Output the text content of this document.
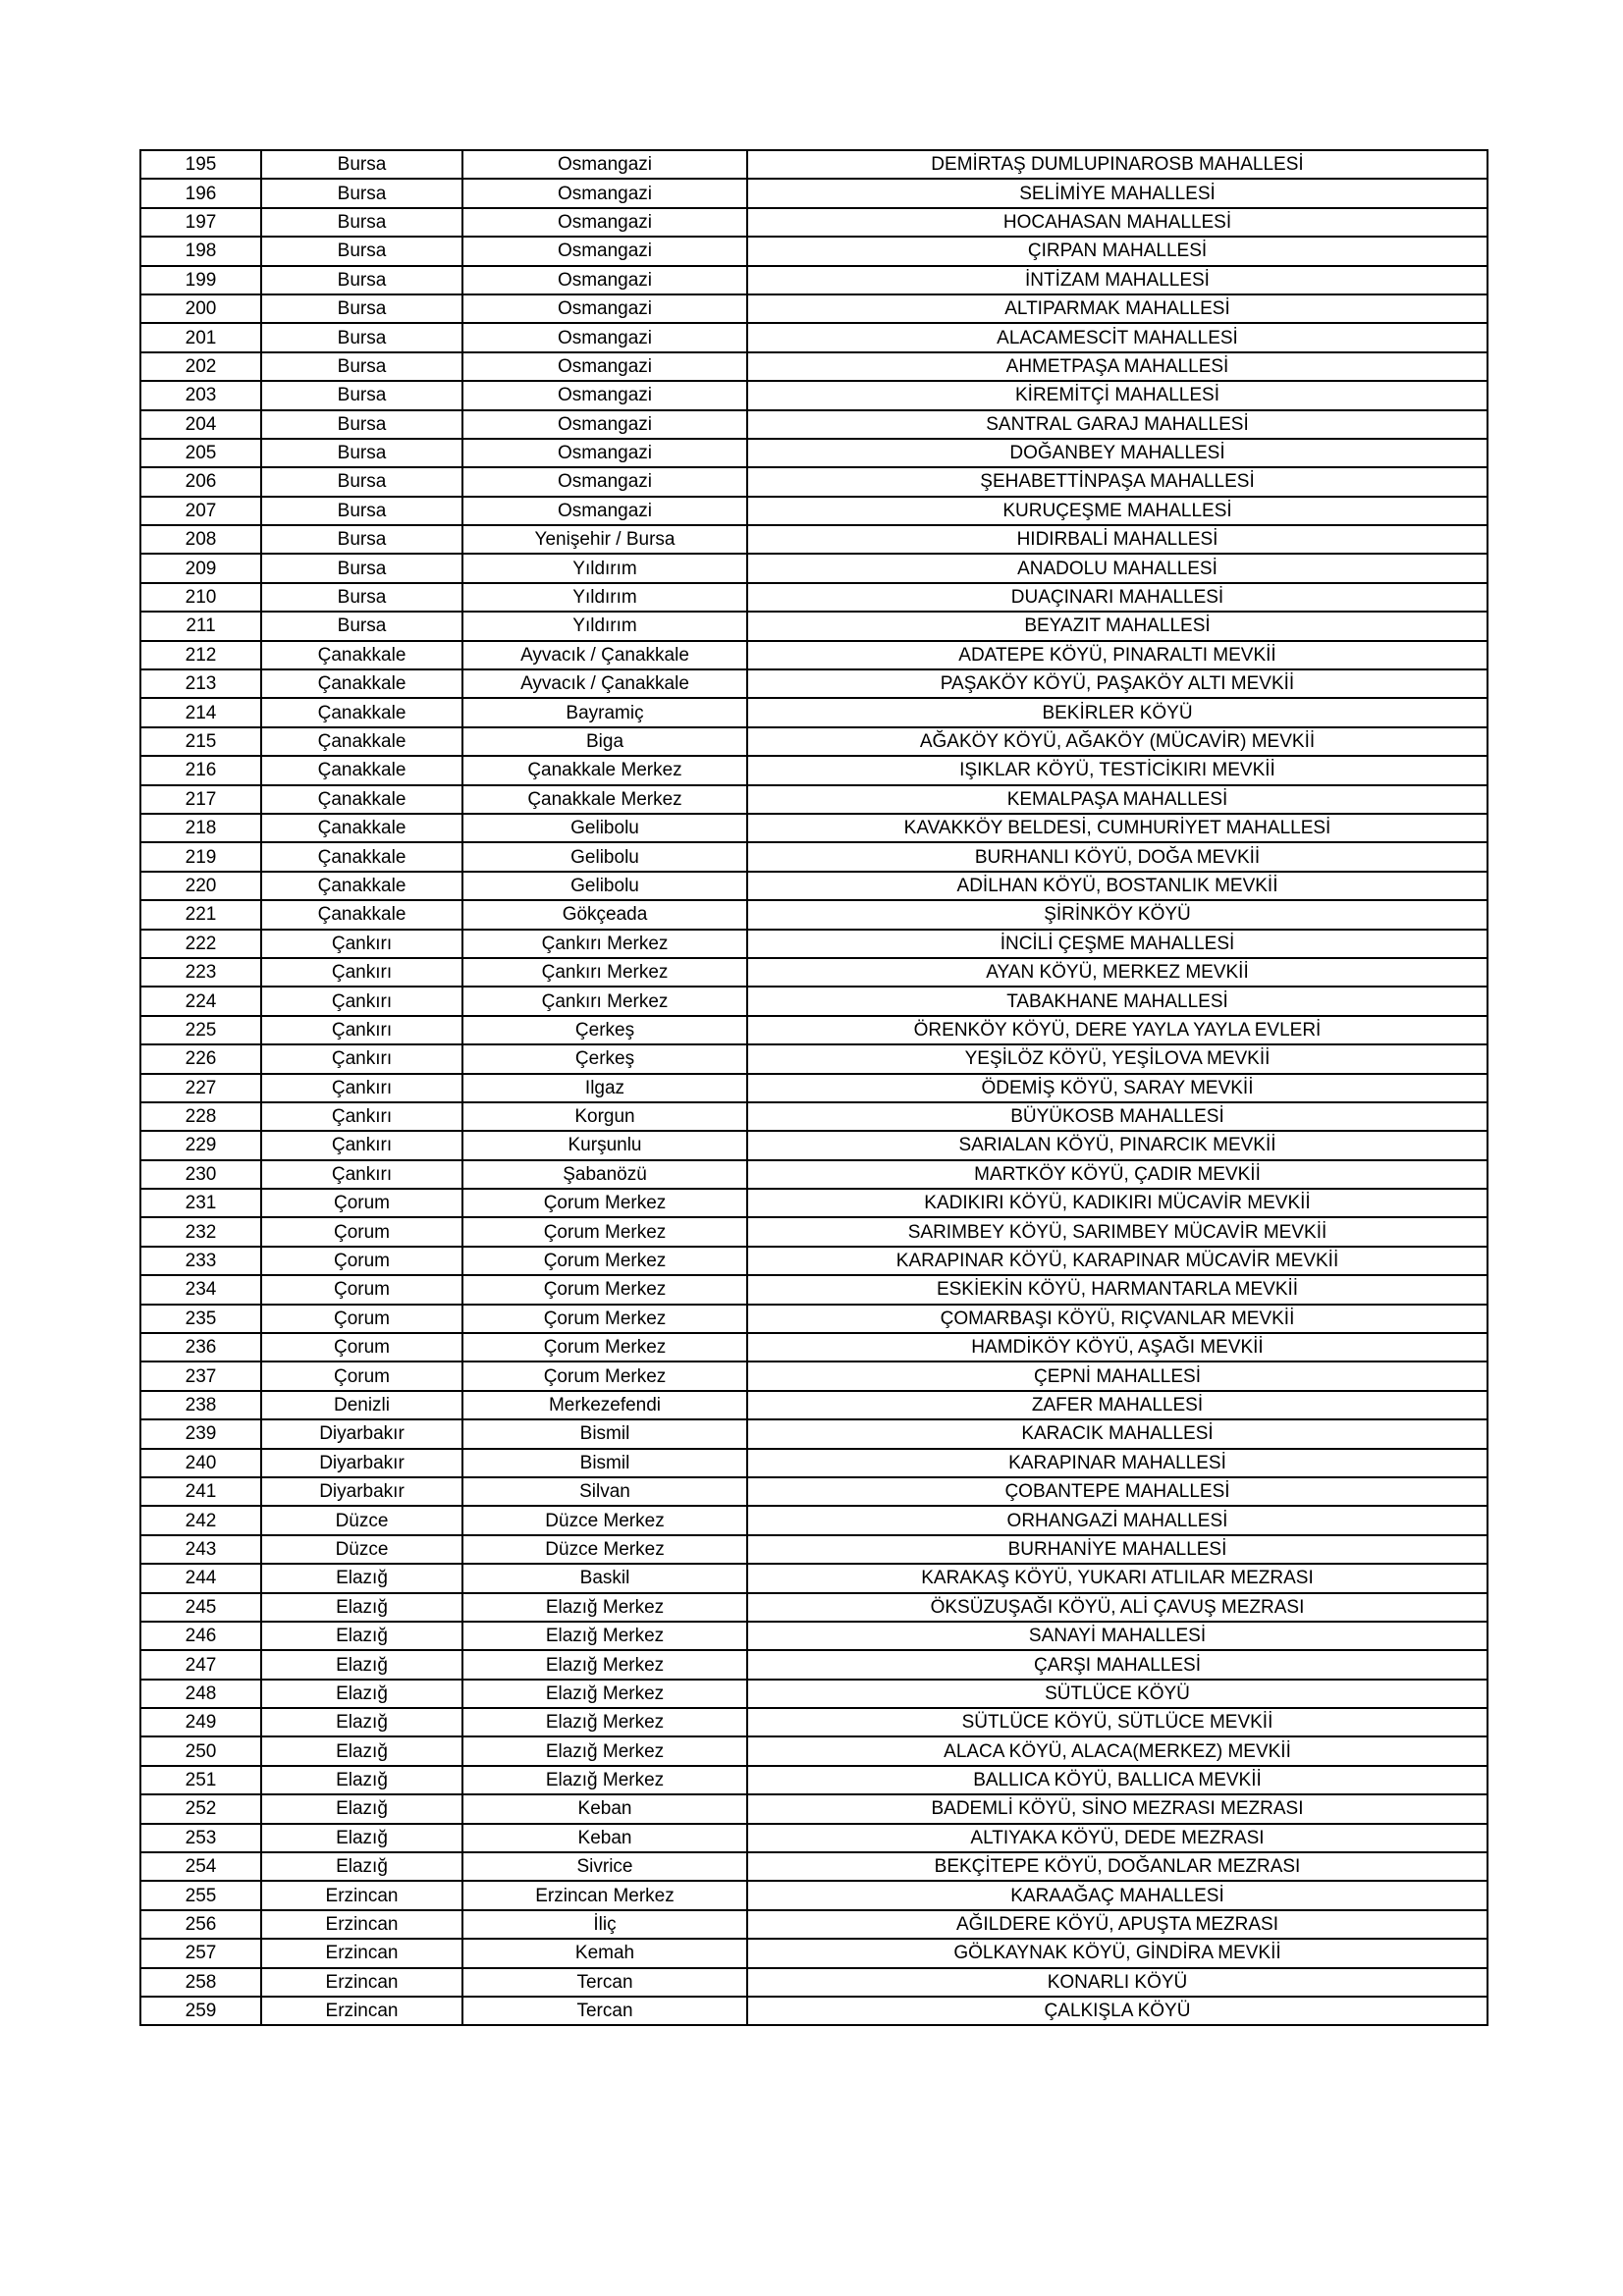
195	Bursa	Osmangazi	DEMİRTAŞ DUMLUPINAROSB MAHALLESİ
196	Bursa	Osmangazi	SELİMİYE MAHALLESİ
197	Bursa	Osmangazi	HOCAHASAN MAHALLESİ
198	Bursa	Osmangazi	ÇIRPAN MAHALLESİ
199	Bursa	Osmangazi	İNTİZAM MAHALLESİ
200	Bursa	Osmangazi	ALTIPARMAK MAHALLESİ
201	Bursa	Osmangazi	ALACAMESCİT MAHALLESİ
202	Bursa	Osmangazi	AHMETPAŞA MAHALLESİ
203	Bursa	Osmangazi	KİREMİTÇİ MAHALLESİ
204	Bursa	Osmangazi	SANTRAL GARAJ MAHALLESİ
205	Bursa	Osmangazi	DOĞANBEY MAHALLESİ
206	Bursa	Osmangazi	ŞEHABETTİNPAŞA MAHALLESİ
207	Bursa	Osmangazi	KURUÇEŞME MAHALLESİ
208	Bursa	Yenişehir / Bursa	HIDIRBALİ MAHALLESİ
209	Bursa	Yıldırım	ANADOLU MAHALLESİ
210	Bursa	Yıldırım	DUAÇINARI MAHALLESİ
211	Bursa	Yıldırım	BEYAZIT MAHALLESİ
212	Çanakkale	Ayvacık / Çanakkale	ADATEPE KÖYÜ, PINARALTI MEVKİİ
213	Çanakkale	Ayvacık / Çanakkale	PAŞAKÖY KÖYÜ, PAŞAKÖY ALTI MEVKİİ
214	Çanakkale	Bayramiç	BEKİRLER KÖYÜ
215	Çanakkale	Biga	AĞAKÖY KÖYÜ, AĞAKÖY (MÜCAVİR) MEVKİİ
216	Çanakkale	Çanakkale Merkez	IŞIKLAR KÖYÜ, TESTİCİKIRI MEVKİİ
217	Çanakkale	Çanakkale Merkez	KEMALPAŞA MAHALLESİ
218	Çanakkale	Gelibolu	KAVAKKÖY BELDESİ, CUMHURİYET MAHALLESİ
219	Çanakkale	Gelibolu	BURHANLI KÖYÜ, DOĞA MEVKİİ
220	Çanakkale	Gelibolu	ADİLHAN KÖYÜ, BOSTANLIK MEVKİİ
221	Çanakkale	Gökçeada	ŞİRİNKÖY KÖYÜ
222	Çankırı	Çankırı Merkez	İNCİLİ ÇEŞME MAHALLESİ
223	Çankırı	Çankırı Merkez	AYAN KÖYÜ, MERKEZ MEVKİİ
224	Çankırı	Çankırı Merkez	TABAKHANE MAHALLESİ
225	Çankırı	Çerkeş	ÖRENKÖY KÖYÜ, DERE YAYLA YAYLA EVLERİ
226	Çankırı	Çerkeş	YEŞİLÖZ KÖYÜ, YEŞİLOVA MEVKİİ
227	Çankırı	Ilgaz	ÖDEMİŞ KÖYÜ, SARAY MEVKİİ
228	Çankırı	Korgun	BÜYÜKOSB MAHALLESİ
229	Çankırı	Kurşunlu	SARIALAN KÖYÜ, PINARCIK MEVKİİ
230	Çankırı	Şabanözü	MARTKÖY KÖYÜ, ÇADIR MEVKİİ
231	Çorum	Çorum Merkez	KADIKIRI KÖYÜ, KADIKIRI MÜCAVİR MEVKİİ
232	Çorum	Çorum Merkez	SARIMBEY KÖYÜ, SARIMBEY MÜCAVİR MEVKİİ
233	Çorum	Çorum Merkez	KARAPINAR KÖYÜ, KARAPINAR MÜCAVİR MEVKİİ
234	Çorum	Çorum Merkez	ESKİEKİN KÖYÜ, HARMANTARLA MEVKİİ
235	Çorum	Çorum Merkez	ÇOMARBAŞI KÖYÜ, RIÇVANLAR MEVKİİ
236	Çorum	Çorum Merkez	HAMDİKÖY KÖYÜ, AŞAĞI MEVKİİ
237	Çorum	Çorum Merkez	ÇEPNİ MAHALLESİ
238	Denizli	Merkezefendi	ZAFER MAHALLESİ
239	Diyarbakır	Bismil	KARACIK MAHALLESİ
240	Diyarbakır	Bismil	KARAPINAR MAHALLESİ
241	Diyarbakır	Silvan	ÇOBANTEPE MAHALLESİ
242	Düzce	Düzce Merkez	ORHANGAZİ MAHALLESİ
243	Düzce	Düzce Merkez	BURHANİYE MAHALLESİ
244	Elazığ	Baskil	KARAKAŞ KÖYÜ, YUKARI ATLILAR MEZRASI
245	Elazığ	Elazığ Merkez	ÖKSÜZUŞAĞI KÖYÜ, ALİ ÇAVUŞ MEZRASI
246	Elazığ	Elazığ Merkez	SANAYİ MAHALLESİ
247	Elazığ	Elazığ Merkez	ÇARŞI MAHALLESİ
248	Elazığ	Elazığ Merkez	SÜTLÜCE KÖYÜ
249	Elazığ	Elazığ Merkez	SÜTLÜCE KÖYÜ, SÜTLÜCE MEVKİİ
250	Elazığ	Elazığ Merkez	ALACA KÖYÜ, ALACA(MERKEZ) MEVKİİ
251	Elazığ	Elazığ Merkez	BALLICA KÖYÜ, BALLICA MEVKİİ
252	Elazığ	Keban	BADEMLİ KÖYÜ, SİNO MEZRASI MEZRASI
253	Elazığ	Keban	ALTIYAKA KÖYÜ, DEDE MEZRASI
254	Elazığ	Sivrice	BEKÇİTEPE KÖYÜ, DOĞANLAR MEZRASI
255	Erzincan	Erzincan Merkez	KARAAĞAÇ MAHALLESİ
256	Erzincan	İliç	AĞILDERE KÖYÜ, APUŞTA MEZRASI
257	Erzincan	Kemah	GÖLKAYNAK KÖYÜ, GİNDİRA MEVKİİ
258	Erzincan	Tercan	KONARLI KÖYÜ
259	Erzincan	Tercan	ÇALKIŞLA KÖYÜ
